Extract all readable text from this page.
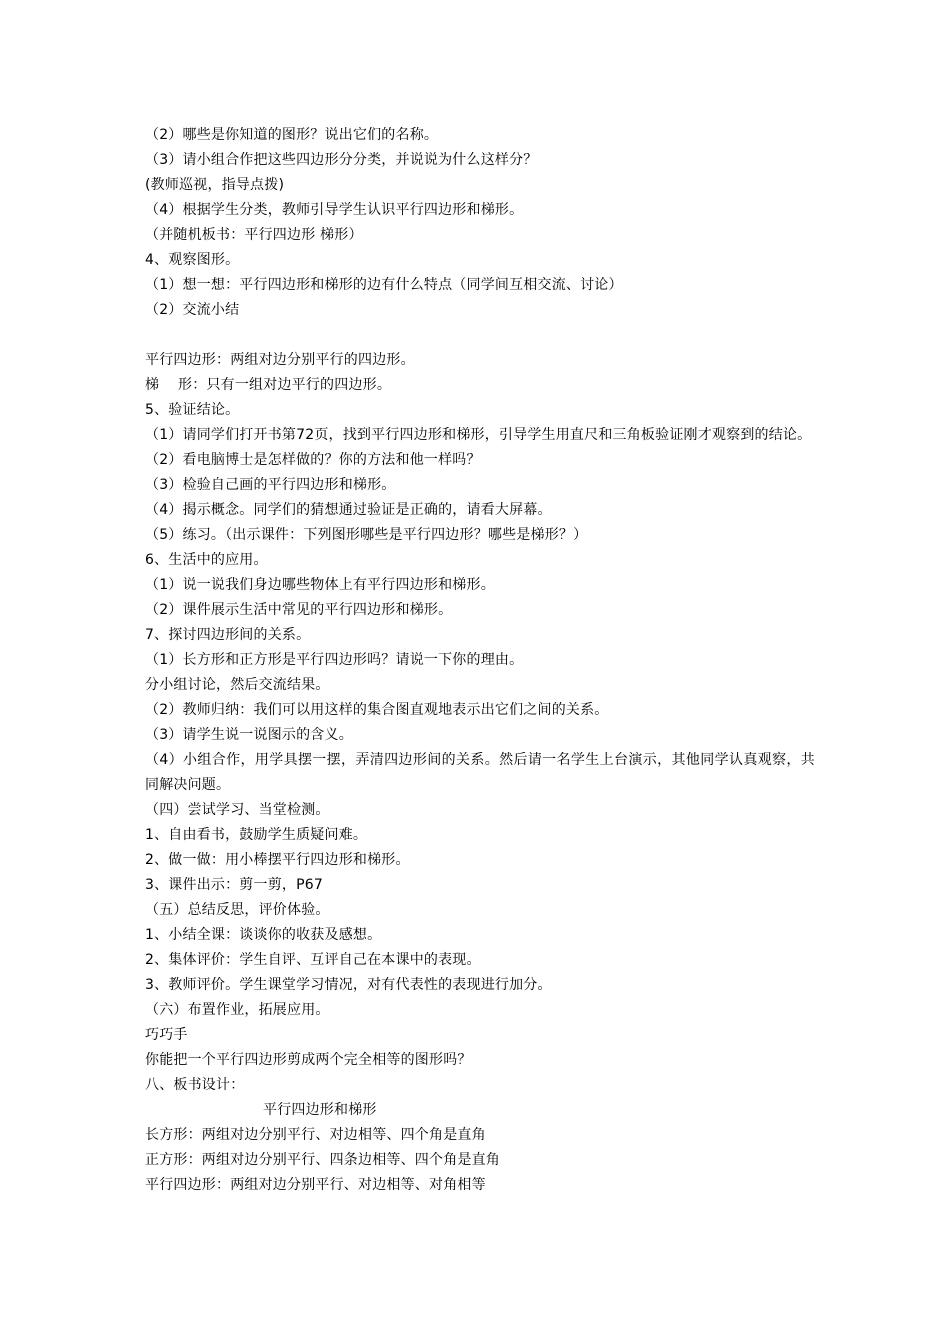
（2）哪些是你知道的图形？说出它们的名称。
（3）请小组合作把这些四边形分分类，并说说为什么这样分？
(教师巡视，指导点拨)
（4）根据学生分类，教师引导学生认识平行四边形和梯形。
（并随机板书：平行四边形 梯形）
4、观察图形。
（1）想一想：平行四边形和梯形的边有什么特点（同学间互相交流、讨论）
（2）交流小结
平行四边形：两组对边分别平行的四边形。
梯　 形：只有一组对边平行的四边形。
5、验证结论。
（1）请同学们打开书第72页，找到平行四边形和梯形，引导学生用直尺和三角板验证刚才观察到的结论。
（2）看电脑博士是怎样做的？你的方法和他一样吗？
（3）检验自己画的平行四边形和梯形。
（4）揭示概念。同学们的猜想通过验证是正确的，请看大屏幕。
（5）练习。（出示课件：下列图形哪些是平行四边形？哪些是梯形？）
6、生活中的应用。
（1）说一说我们身边哪些物体上有平行四边形和梯形。
（2）课件展示生活中常见的平行四边形和梯形。
7、探讨四边形间的关系。
（1）长方形和正方形是平行四边形吗？请说一下你的理由。
分小组讨论，然后交流结果。
（2）教师归纳：我们可以用这样的集合图直观地表示出它们之间的关系。
（3）请学生说一说图示的含义。
（4）小组合作，用学具摆一摆，弄清四边形间的关系。然后请一名学生上台演示，其他同学认真观察，共同解决问题。
（四）尝试学习、当堂检测。
1、自由看书，鼓励学生质疑问难。
2、做一做：用小棒摆平行四边形和梯形。
3、课件出示：剪一剪，P67
（五）总结反思，评价体验。
1、小结全课：谈谈你的收获及感想。
2、集体评价：学生自评、互评自己在本课中的表现。
3、教师评价。学生课堂学习情况，对有代表性的表现进行加分。
（六）布置作业，拓展应用。
巧巧手
你能把一个平行四边形剪成两个完全相等的图形吗？
八、板书设计：
平行四边形和梯形
长方形：两组对边分别平行、对边相等、四个角是直角
正方形：两组对边分别平行、四条边相等、四个角是直角
平行四边形：两组对边分别平行、对边相等、对角相等
